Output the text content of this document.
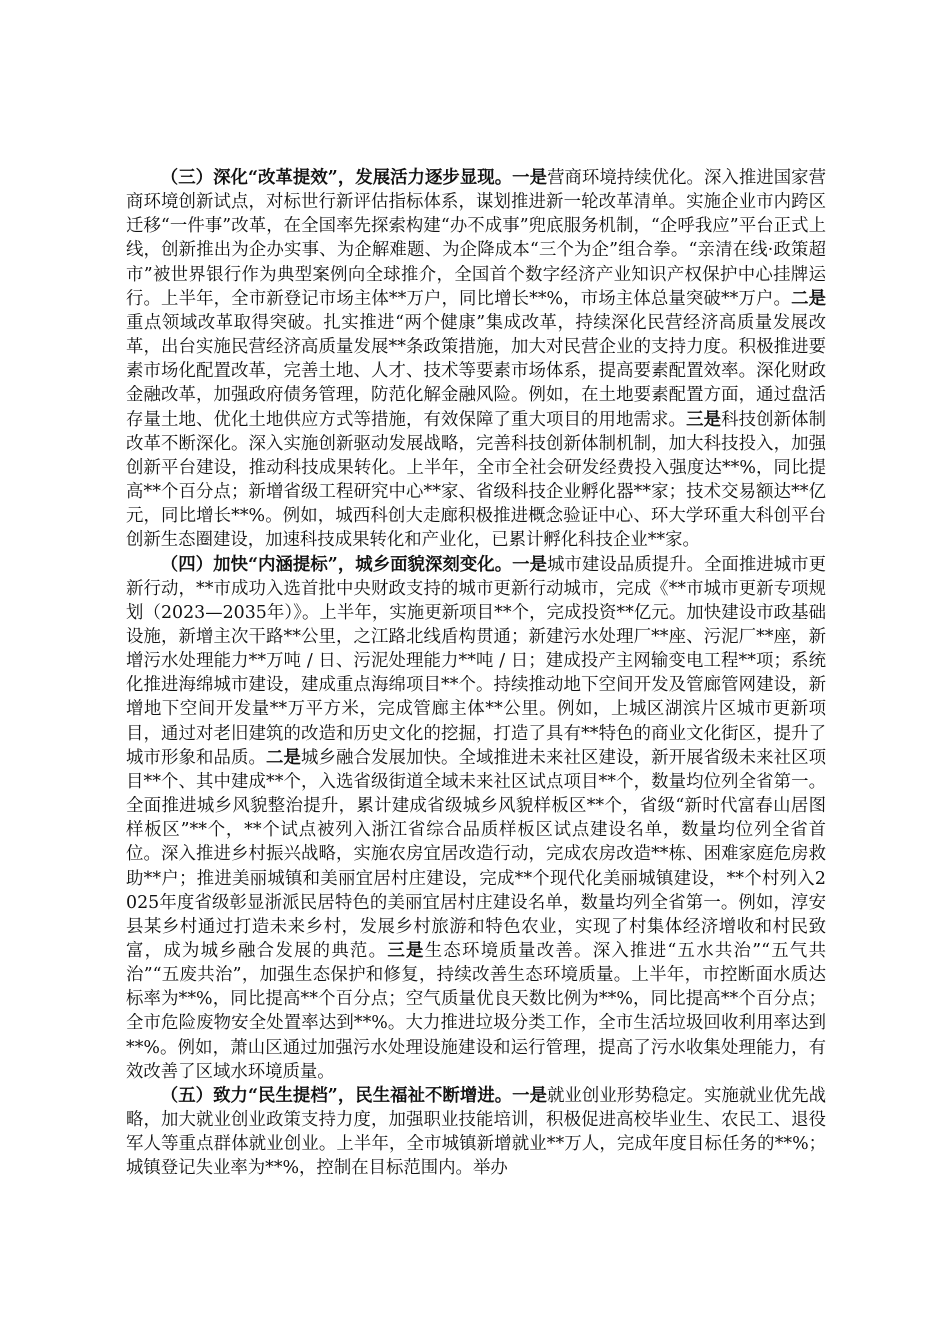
（三）深化“改革提效”，发展活力逐步显现。一是营商环境持续优化。深入推进国家营商环境创新试点，对标世行新评估指标体系，谋划推进新一轮改革清单。实施企业市内跨区迁移“一件事”改革，在全国率先探索构建“办不成事”兜底服务机制，“企呼我应”平台正式上线，创新推出为企办实事、为企解难题、为企降成本“三个为企”组合拳。“亲清在线·政策超市”被世界银行作为典型案例向全球推介，全国首个数字经济产业知识产权保护中心挂牌运行。上半年，全市新登记市场主体**万户，同比增长**%，市场主体总量突破**万户。二是重点领域改革取得突破。扎实推进“两个健康”集成改革，持续深化民营经济高质量发展改革，出台实施民营经济高质量发展**条政策措施，加大对民营企业的支持力度。积极推进要素市场化配置改革，完善土地、人才、技术等要素市场体系，提高要素配置效率。深化财政金融改革，加强政府债务管理，防范化解金融风险。例如，在土地要素配置方面，通过盘活存量土地、优化土地供应方式等措施，有效保障了重大项目的用地需求。三是科技创新体制改革不断深化。深入实施创新驱动发展战略，完善科技创新体制机制，加大科技投入，加强创新平台建设，推动科技成果转化。上半年，全市全社会研发经费投入强度达**%，同比提高**个百分点；新增省级工程研究中心**家、省级科技企业孵化器**家；技术交易额达**亿元，同比增长**%。例如，城西科创大走廊积极推进概念验证中心、环大学环重大科创平台创新生态圈建设，加速科技成果转化和产业化，已累计孵化科技企业**家。

（四）加快“内涵提标”，城乡面貌深刻变化。一是城市建设品质提升。全面推进城市更新行动，**市成功入选首批中央财政支持的城市更新行动城市，完成《**市城市更新专项规划（2023—2035年）》。上半年，实施更新项目**个，完成投资**亿元。加快建设市政基础设施，新增主次干路**公里，之江路北线盾构贯通；新建污水处理厂**座、污泥厂**座，新增污水处理能力**万吨 / 日、污泥处理能力**吨 / 日；建成投产主网输变电工程**项；系统化推进海绵城市建设，建成重点海绵项目**个。持续推动地下空间开发及管廊管网建设，新增地下空间开发量**万平方米，完成管廊主体**公里。例如，上城区湖滨片区城市更新项目，通过对老旧建筑的改造和历史文化的挖掘，打造了具有**特色的商业文化街区，提升了城市形象和品质。二是城乡融合发展加快。全域推进未来社区建设，新开展省级未来社区项目**个、其中建成**个，入选省级街道全域未来社区试点项目**个，数量均位列全省第一。全面推进城乡风貌整治提升，累计建成省级城乡风貌样板区**个，省级“新时代富春山居图样板区”**个，**个试点被列入浙江省综合品质样板区试点建设名单，数量均位列全省首位。深入推进乡村振兴战略，实施农房宜居改造行动，完成农房改造**栋、困难家庭危房救助**户；推进美丽城镇和美丽宜居村庄建设，完成**个现代化美丽城镇建设，**个村列入2025年度省级彰显浙派民居特色的美丽宜居村庄建设名单，数量均列全省第一。例如，淳安县某乡村通过打造未来乡村，发展乡村旅游和特色农业，实现了村集体经济增收和村民致富，成为城乡融合发展的典范。三是生态环境质量改善。深入推进“五水共治”“五气共治”“五废共治”，加强生态保护和修复，持续改善生态环境质量。上半年，市控断面水质达标率为**%，同比提高**个百分点；空气质量优良天数比例为**%，同比提高**个百分点；全市危险废物安全处置率达到**%。大力推进垃圾分类工作，全市生活垃圾回收利用率达到**%。例如，萧山区通过加强污水处理设施建设和运行管理，提高了污水收集处理能力，有效改善了区域水环境质量。

（五）致力“民生提档”，民生福祉不断增进。一是就业创业形势稳定。实施就业优先战略，加大就业创业政策支持力度，加强职业技能培训，积极促进高校毕业生、农民工、退役军人等重点群体就业创业。上半年，全市城镇新增就业**万人，完成年度目标任务的**%；城镇登记失业率为**%，控制在目标范围内。举办
